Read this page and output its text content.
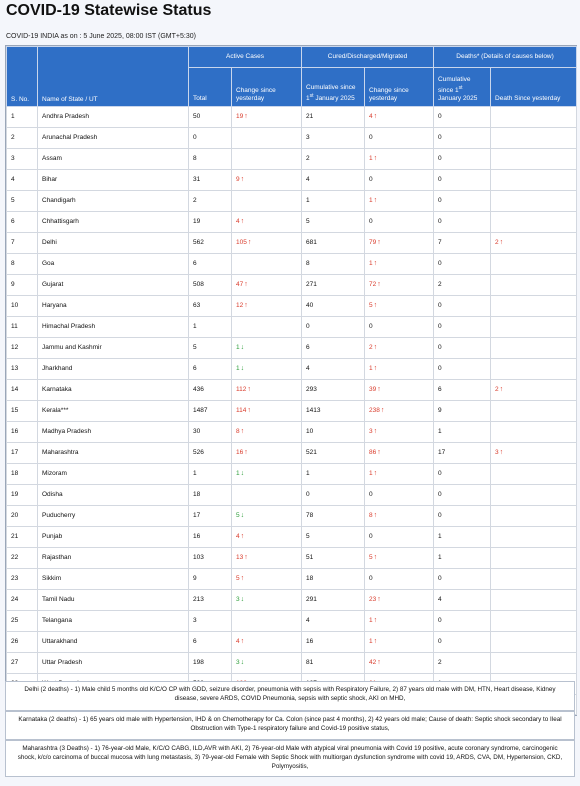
COVID-19 Statewise Status
COVID-19 INDIA as on : 5 June 2025, 08:00 IST (GMT+5:30)
S. No.	Name of State / UT	Active Cases		Cured/Discharged/Migrated		Deaths* (Details of causes below)	
		Total	Change since yesterday	Cumulative since 1st January 2025	Change since yesterday	Cumulative since 1st January 2025	Death Since yesterday
1	Andhra Pradesh	50	19↑	21	4↑	0	
2	Arunachal Pradesh	0		3	0	0	
3	Assam	8		2	1↑	0	
4	Bihar	31	9↑	4	0	0	
5	Chandigarh	2		1	1↑	0	
6	Chhattisgarh	19	4↑	5	0	0	
7	Delhi	562	105↑	681	79↑	7	2↑
8	Goa	6		8	1↑	0	
9	Gujarat	508	47↑	271	72↑	2	
10	Haryana	63	12↑	40	5↑	0	
11	Himachal Pradesh	1		0	0	0	
12	Jammu and Kashmir	5	1↓	6	2↑	0	
13	Jharkhand	6	1↓	4	1↑	0	
14	Karnataka	436	112↑	293	39↑	6	2↑
15	Kerala***	1487	114↑	1413	238↑	9	
16	Madhya Pradesh	30	8↑	10	3↑	1	
17	Maharashtra	526	16↑	521	86↑	17	3↑
18	Mizoram	1	1↓	1	1↑	0	
19	Odisha	18		0	0	0	
20	Puducherry	17	5↓	78	8↑	0	
21	Punjab	16	4↑	5	0	1	
22	Rajasthan	103	13↑	51	5↑	1	
23	Sikkim	9	5↑	18	0	0	
24	Tamil Nadu	213	3↓	291	23↑	4	
25	Telangana	3		4	1↑	0	
26	Uttarakhand	6	4↑	16	1↑	0	
27	Uttar Pradesh	198	3↓	81	42↑	2	

Delhi (2 deaths) - 1) Male child 5 months old K/C/O CP with GDD, seizure disorder, pneumonia with sepsis with Respiratory Failure, 2) 87 years old male with DM, HTN, Heart disease, Kidney disease, severe ARDS, COVID Pneumonia, sepsis with septic shock, AKI on MHD,
Karnataka (2 deaths) - 1) 65 years old male with Hypertension, IHD & on Chemotherapy for Ca. Colon (since past 4 months), 2) 42 years old male; Cause of death: Septic shock secondary to Ileal Obstruction with Type-1 respiratory failure and Covid-19 positive status,
Maharashtra (3 Deaths) - 1) 76-year-old Male, K/C/O CABG, ILD,AVR with AKI, 2) 76-year-old Male with atypical viral pneumonia with Covid 19 positive, acute coronary syndrome, carcinogenic shock, k/c/o carcinoma of buccal mucosa with lung metastasis, 3) 79-year-old Female with Septic Shock with multiorgan dysfunction syndrome with covid 19, ARDS, CVA, DM, Hypertension, CKD, Polymyositis,
